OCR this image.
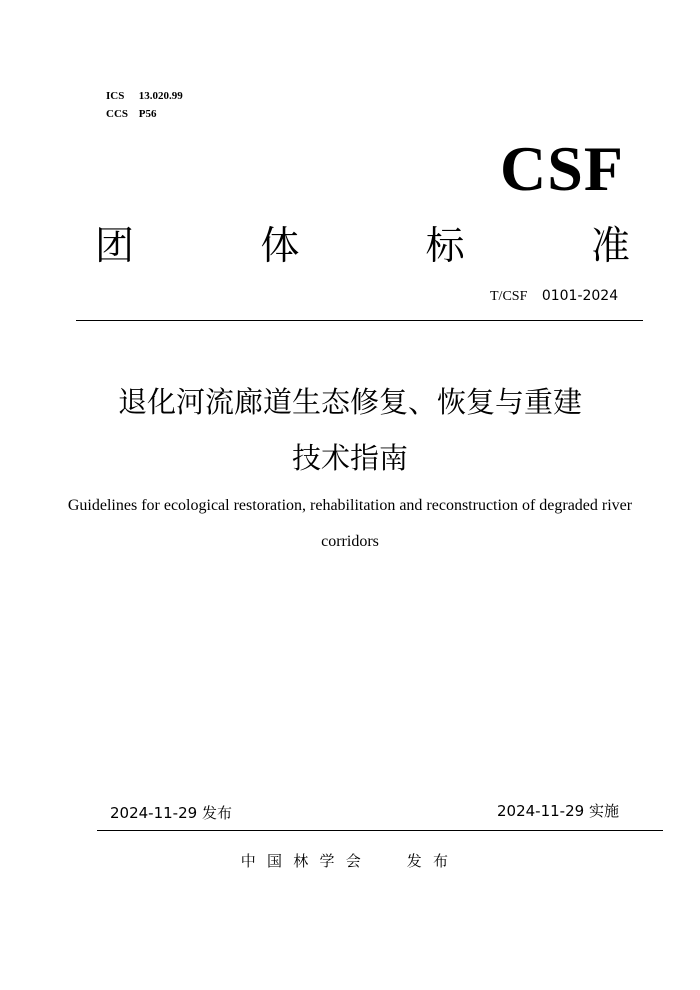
ICS 13.020.99
CCS P56
CSF
团	体	标	准
T/CSF 0101-2024
退化河流廊道生态修复、恢复与重建
技术指南
Guidelines for ecological restoration, rehabilitation and reconstruction of degraded river corridors
2024-11-29 发布	2024-11-29 实施
中国林学会 发布
